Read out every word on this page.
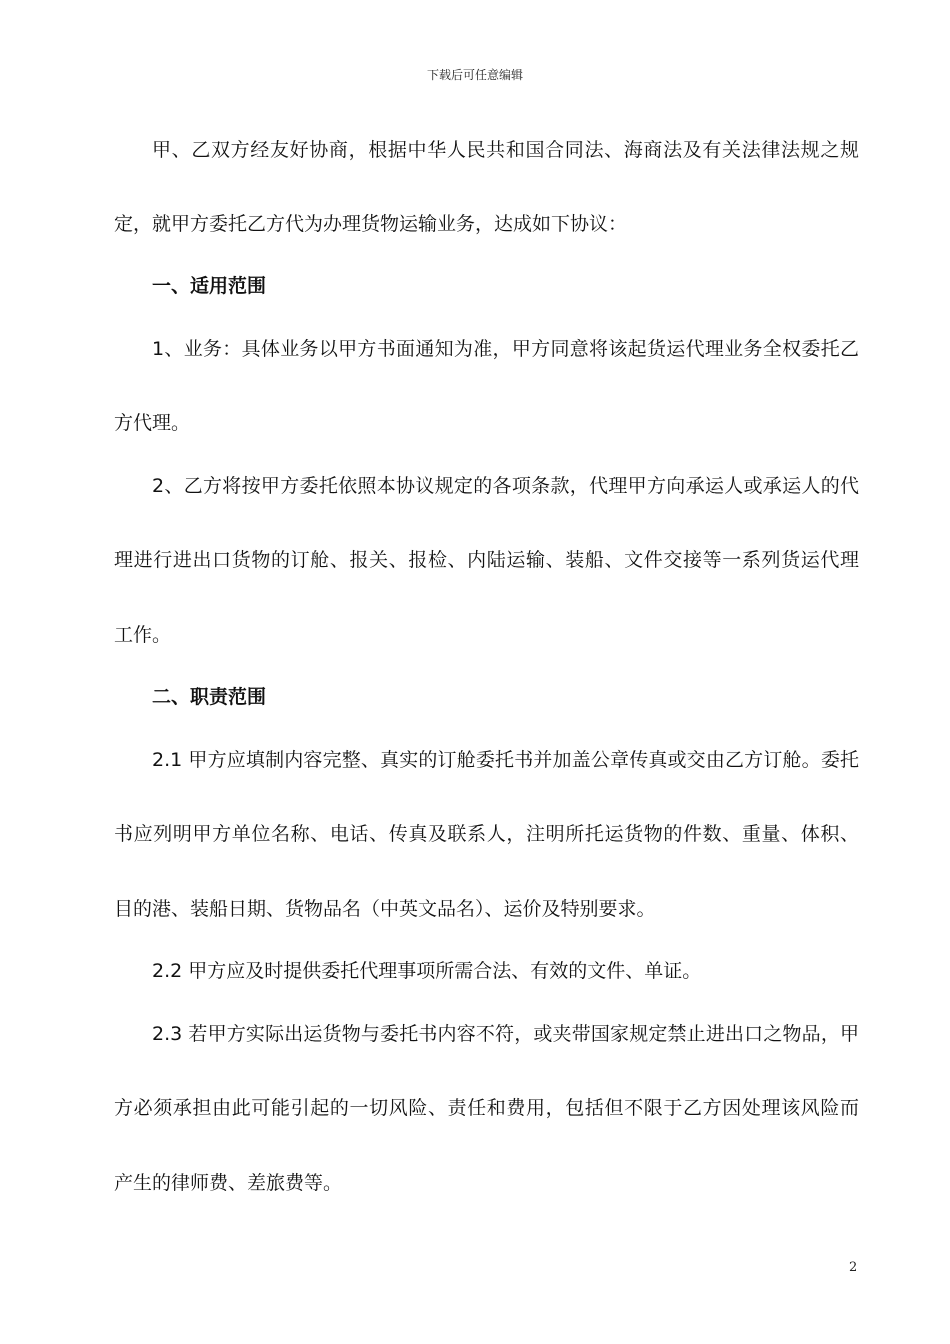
下载后可任意编辑
甲、乙双方经友好协商，根据中华人民共和国合同法、海商法及有关法律法规之规
定，就甲方委托乙方代为办理货物运输业务，达成如下协议：
一、适用范围
1、业务：具体业务以甲方书面通知为准，甲方同意将该起货运代理业务全权委托乙
方代理。
2、乙方将按甲方委托依照本协议规定的各项条款，代理甲方向承运人或承运人的代
理进行进出口货物的订舱、报关、报检、内陆运输、装船、文件交接等一系列货运代理
工作。
二、职责范围
2.1 甲方应填制内容完整、真实的订舱委托书并加盖公章传真或交由乙方订舱。委托
书应列明甲方单位名称、电话、传真及联系人，注明所托运货物的件数、重量、体积、
目的港、装船日期、货物品名（中英文品名）、运价及特别要求。
2.2 甲方应及时提供委托代理事项所需合法、有效的文件、单证。
2.3 若甲方实际出运货物与委托书内容不符，或夹带国家规定禁止进出口之物品，甲
方必须承担由此可能引起的一切风险、责任和费用，包括但不限于乙方因处理该风险而
产生的律师费、差旅费等。
2
